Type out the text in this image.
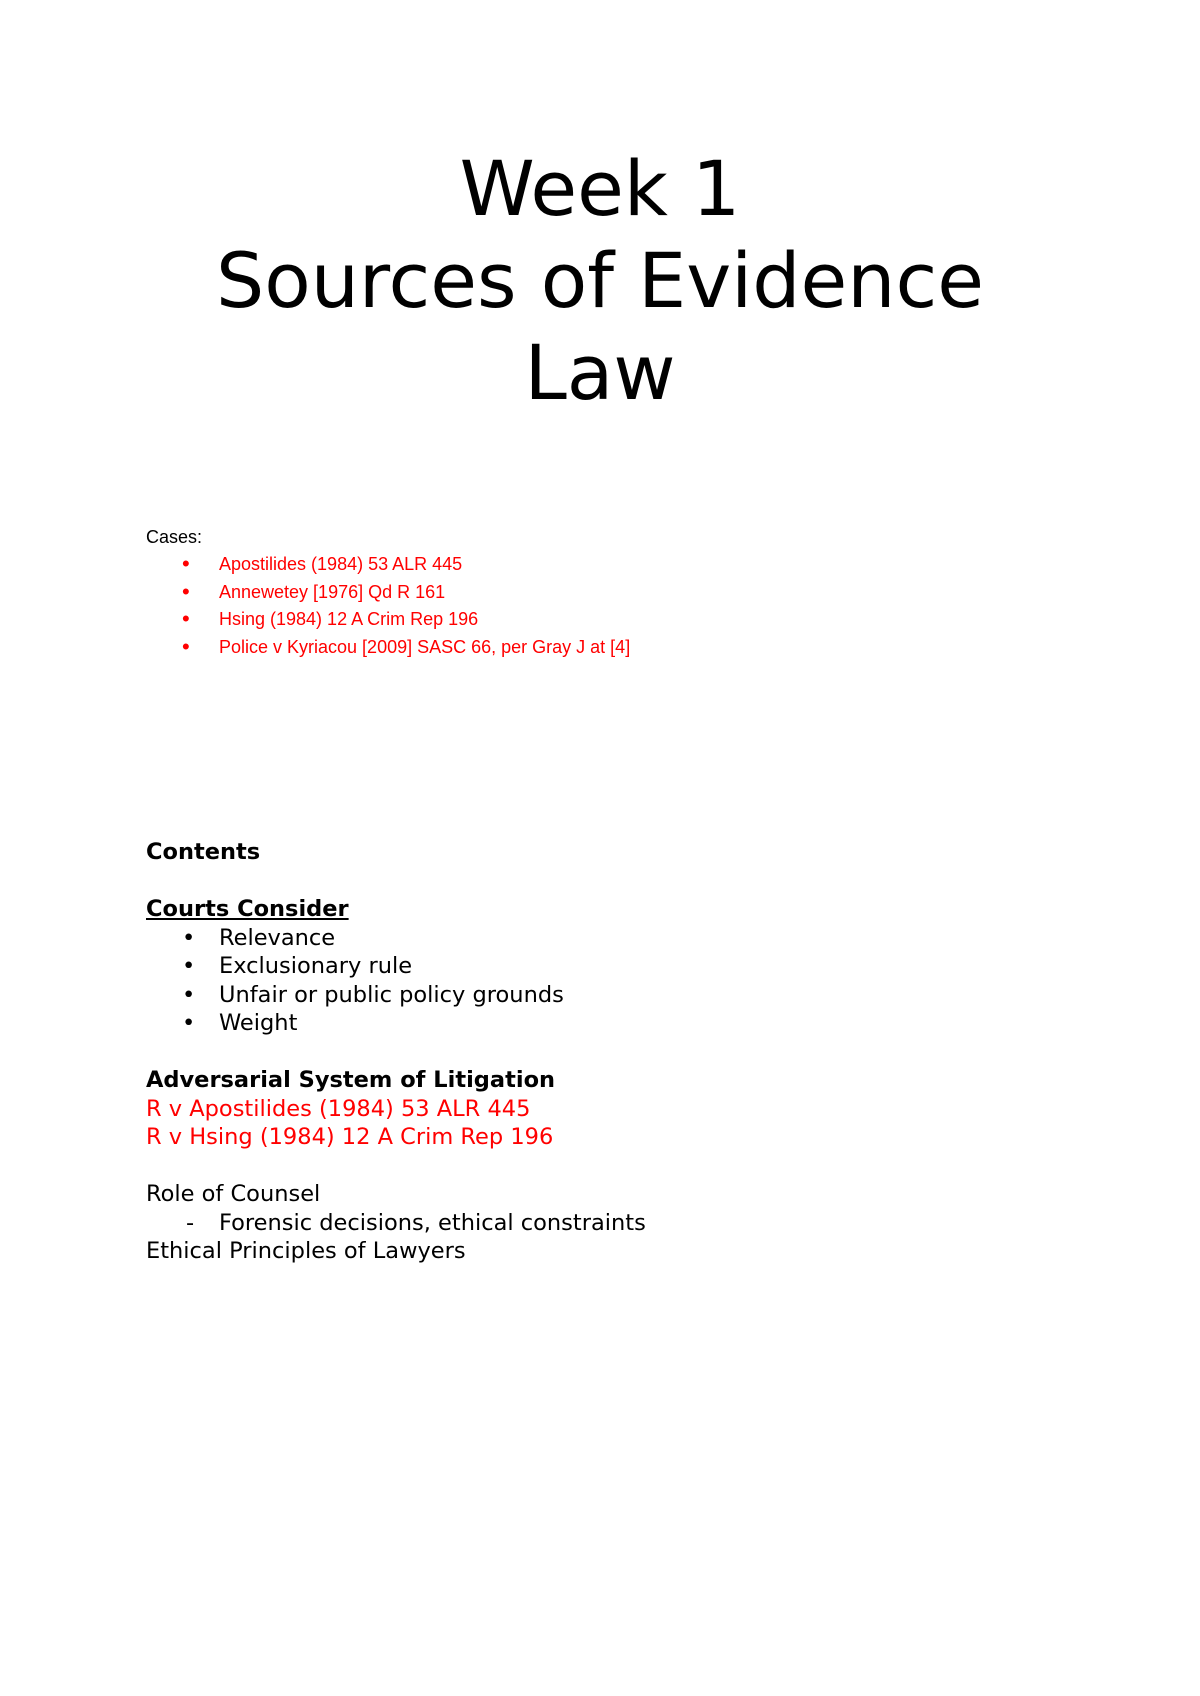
Week 1
Sources of Evidence
Law

Cases:

• Apostilides (1984) 53 ALR 445
• Annewetey [1976] Qd R 161
• Hsing (1984) 12 A Crim Rep 196
• Police v Kyriacou [2009] SASC 66, per Gray J at [4]

Contents

Courts Consider

• Relevance
• Exclusionary rule
• Unfair or public policy grounds
• Weight

Adversarial System of Litigation

R v Apostilides (1984) 53 ALR 445

R v Hsing (1984) 12 A Crim Rep 196

Role of Counsel

- Forensic decisions, ethical constraints

Ethical Principles of Lawyers
